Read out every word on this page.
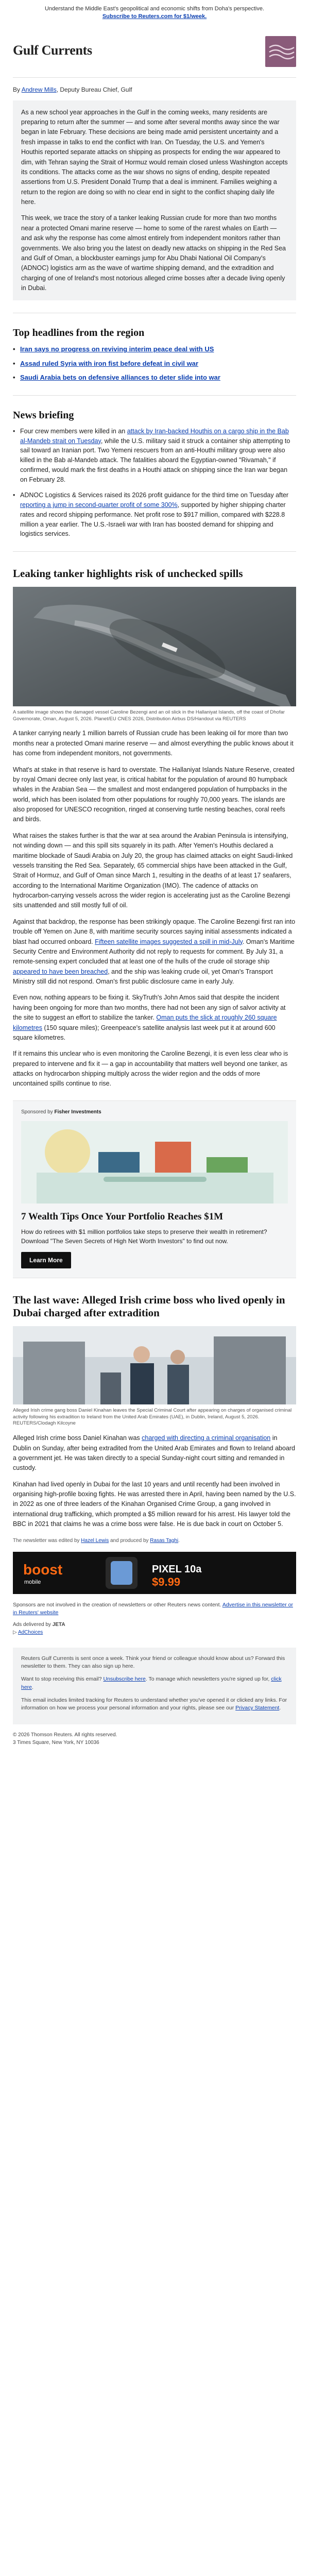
Understand the Middle East's geopolitical and economic shifts from Doha's perspective.
Subscribe to Reuters.com for $1/week.
Gulf Currents
By Andrew Mills, Deputy Bureau Chief, Gulf

As a new school year approaches in the Gulf in the coming weeks, many residents are preparing to return after the summer — and some after several months away since the war began in late February. These decisions are being made amid persistent uncertainty and a fresh impasse in talks to end the conflict with Iran. On Tuesday, the U.S. and Yemen's Houthis reported separate attacks on shipping as prospects for ending the war appeared to dim, with Tehran saying the Strait of Hormuz would remain closed unless Washington accepts its conditions. The attacks come as the war shows no signs of ending, despite repeated assertions from U.S. President Donald Trump that a deal is imminent. Families weighing a return to the region are doing so with no clear end in sight to the conflict shaping daily life here.

This week, we trace the story of a tanker leaking Russian crude for more than two months near a protected Omani marine reserve — home to some of the rarest whales on Earth — and ask why the response has come almost entirely from independent monitors rather than governments. We also bring you the latest on deadly new attacks on shipping in the Red Sea and Gulf of Oman, a blockbuster earnings jump for Abu Dhabi National Oil Company's (ADNOC) logistics arm as the wave of wartime shipping demand, and the extradition and charging of one of Ireland's most notorious alleged crime bosses after a decade living openly in Dubai.

Top headlines from the region
• Iran says no progress on reviving interim peace deal with US
• Assad ruled Syria with iron fist before defeat in civil war
• Saudi Arabia bets on defensive alliances to deter slide into war
News briefing
• Four crew members were killed in an attack by Iran-backed Houthis on a cargo ship in the Bab al-Mandeb strait on Tuesday, while the U.S. military said it struck a container ship attempting to sail toward an Iranian port. Two Yemeni rescuers from an anti-Houthi military group were also killed in the Bab al-Mandeb attack. The fatalities aboard the Egyptian-owned "Rivamah," if confirmed, would mark the first deaths in a Houthi attack on shipping since the Iran war began on February 28.
• ADNOC Logistics & Services raised its 2026 profit guidance for the third time on Tuesday after reporting a jump in second-quarter profit of some 300%, supported by higher shipping charter rates and record shipping performance. Net profit rose to $917 million, compared with $228.8 million a year earlier. The U.S.-Israeli war with Iran has boosted demand for shipping and logistics services.
Leaking tanker highlights risk of unchecked spills
A satellite image shows the damaged vessel Caroline Bezengi and an oil slick in the Hallaniyat Islands, off the coast of Dhofar Governorate, Oman, August 5, 2026. Planet/EU CNES 2026, Distribution Airbus DS/Handout via REUTERS

A tanker carrying nearly 1 million barrels of Russian crude has been leaking oil for more than two months near a protected Omani marine reserve — and almost everything the public knows about it has come from independent monitors, not governments.

What's at stake in that reserve is hard to overstate. The Hallaniyat Islands Nature Reserve, created by royal Omani decree only last year, is critical habitat for the population of around 80 humpback whales in the Arabian Sea — the smallest and most endangered population of humpbacks in the world, which has been isolated from other populations for roughly 70,000 years. The islands are also proposed for UNESCO recognition, ringed at conserving turtle nesting beaches, coral reefs and birds.

What raises the stakes further is that the war at sea around the Arabian Peninsula is intensifying, not winding down — and this spill sits squarely in its path. After Yemen's Houthis declared a maritime blockade of Saudi Arabia on July 20, the group has claimed attacks on eight Saudi-linked vessels transiting the Red Sea. Separately, 65 commercial ships have been attacked in the Gulf, Strait of Hormuz, and Gulf of Oman since March 1, resulting in the deaths of at least 17 seafarers, according to the International Maritime Organization (IMO). The cadence of attacks on hydrocarbon-carrying vessels across the wider region is accelerating just as the Caroline Bezengi sits unattended and still mostly full of oil.

Against that backdrop, the response has been strikingly opaque. The Caroline Bezengi first ran into trouble off Yemen on June 8, with maritime security sources saying initial assessments indicated a blast had occurred onboard. Fifteen satellite images suggested a spill in mid-July. Oman's Maritime Security Centre and Environment Authority did not reply to requests for comment. By July 31, a remote-sensing expert concluded that at least one of the hulls of the crude oil storage ship appeared to have been breached, and the ship was leaking crude oil, yet Oman's Transport Ministry still did not respond. Oman's first public disclosure came in early July.

Even now, nothing appears to be fixing it. SkyTruth's John Amos said that despite the incident having been ongoing for more than two months, there had not been any sign of salvor activity at the site to suggest an effort to stabilize the tanker. Oman puts the slick at roughly 260 square kilometres (150 square miles); Greenpeace's satellite analysis last week put it at around 600 square kilometres.

If it remains this unclear who is even monitoring the Caroline Bezengi, it is even less clear who is prepared to intervene and fix it — a gap in accountability that matters well beyond one tanker, as attacks on hydrocarbon shipping multiply across the wider region and the odds of more uncontained spills continue to rise.

Sponsored by Fisher Investments
7 Wealth Tips Once Your Portfolio Reaches $1M
How do retirees with $1 million portfolios take steps to preserve their wealth in retirement? Download "The Seven Secrets of High Net Worth Investors" to find out now.
Learn More
The last wave: Alleged Irish crime boss who lived openly in Dubai charged after extradition
Alleged Irish crime gang boss Daniel Kinahan leaves the Special Criminal Court after appearing on charges of organised criminal activity following his extradition to Ireland from the United Arab Emirates (UAE), in Dublin, Ireland, August 5, 2026. REUTERS/Clodagh Kilcoyne

Alleged Irish crime boss Daniel Kinahan was charged with directing a criminal organisation in Dublin on Sunday, after being extradited from the United Arab Emirates and flown to Ireland aboard a government jet. He was taken directly to a special Sunday-night court sitting and remanded in custody.

Kinahan had lived openly in Dubai for the last 10 years and until recently had been involved in organising high-profile boxing fights. He was arrested there in April, having been named by the U.S. in 2022 as one of three leaders of the Kinahan Organised Crime Group, a gang involved in international drug trafficking, which prompted a $5 million reward for his arrest. His lawyer told the BBC in 2021 that claims he was a crime boss were false. He is due back in court on October 5.

The newsletter was edited by Hazel Lewis and produced by Rasas Taghi.
boost
mobile
PIXEL 10a
$9.99
Sponsors are not involved in the creation of newsletters or other Reuters news content. Advertise in this newsletter or in Reuters' website
Ads delivered by JETA
▷ AdChoices

Reuters Gulf Currents is sent once a week. Think your friend or colleague should know about us? Forward this newsletter to them. They can also sign up here.

Want to stop receiving this email? Unsubscribe here. To manage which newsletters you're signed up for, click here.

This email includes limited tracking for Reuters to understand whether you've opened it or clicked any links. For information on how we process your personal information and your rights, please see our Privacy Statement.

© 2026 Thomson Reuters. All rights reserved.
3 Times Square, New York, NY 10036
